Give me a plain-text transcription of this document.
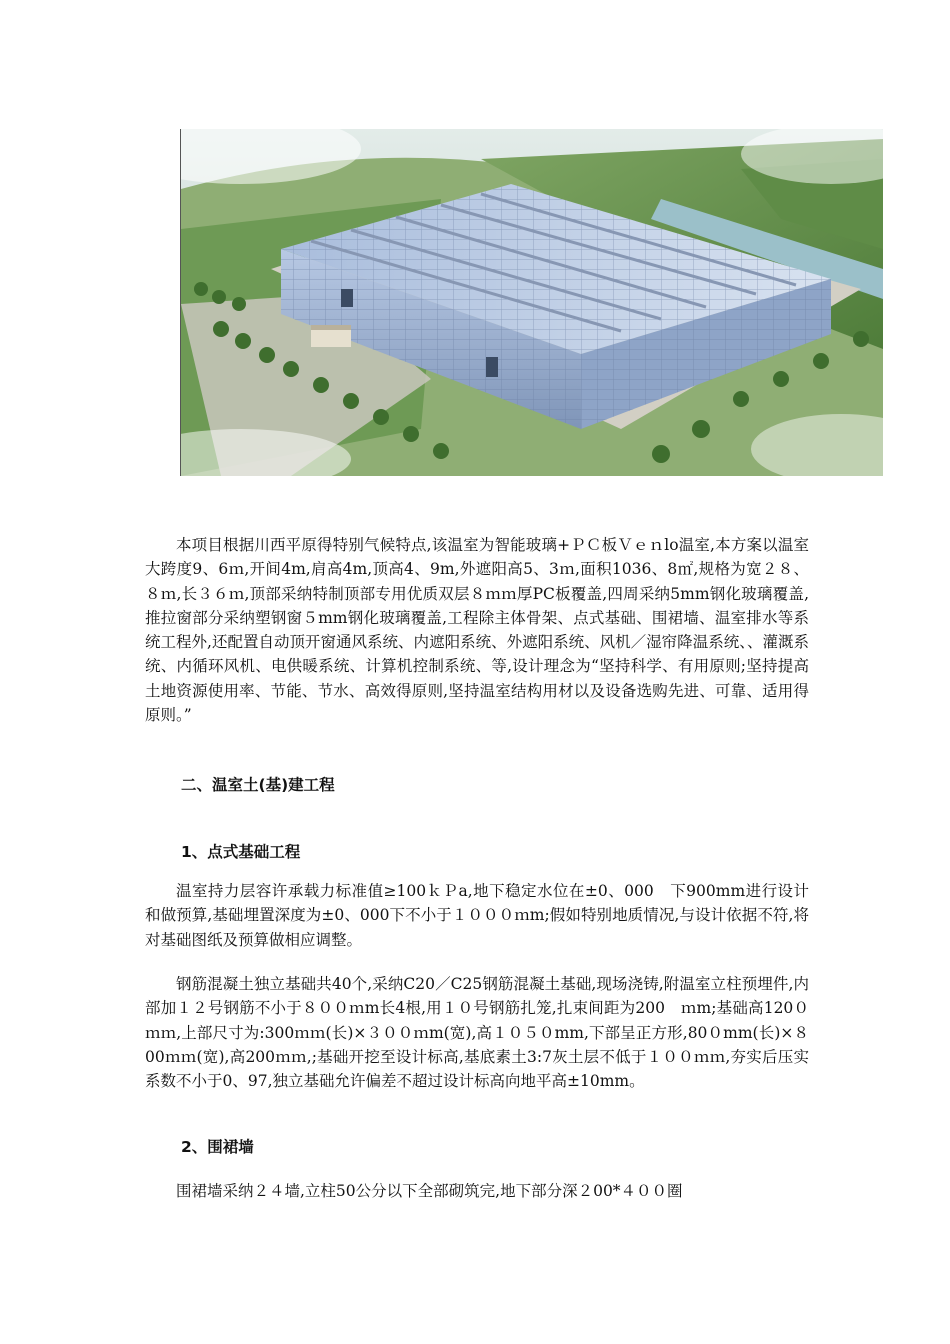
本项目根据川西平原得特别气候特点,该温室为智能玻璃+ＰＣ板Ｖｅｎlo温室,本方案以温室大跨度9、6ｍ,开间4m,肩高4m,顶高4、9m,外遮阳高5、3ｍ,面积1036、8㎡,规格为宽２８、８ｍ,长３６ｍ,顶部采纳特制顶部专用优质双层８ｍｍ厚PC板覆盖,四周采纳5mm钢化玻璃覆盖,推拉窗部分采纳塑钢窗５mm钢化玻璃覆盖,工程除主体骨架、点式基础、围裙墙、温室排水等系统工程外,还配置自动顶开窗通风系统、内遮阳系统、外遮阳系统、风机／湿帘降温系统、、灌溉系统、内循环风机、电供暖系统、计算机控制系统、等,设计理念为“坚持科学、有用原则;坚持提高土地资源使用率、节能、节水、高效得原则,坚持温室结构用材以及设备选购先进、可靠、适用得原则。”

二、温室土(基)建工程
1、点式基础工程

温室持力层容许承载力标准值≥100ｋＰa,地下稳定水位在±0、000　下900mm进行设计和做预算,基础埋置深度为±0、000下不小于１０００ｍm;假如特别地质情况,与设计依据不符,将对基础图纸及预算做相应调整。

钢筋混凝土独立基础共40个,采纳C20／C25钢筋混凝土基础,现场浇铸,附温室立柱预埋件,内部加１２号钢筋不小于８００ｍm长4根,用１０号钢筋扎笼,扎束间距为200　ｍm;基础高120０ｍｍ,上部尺寸为:300ｍｍ(长)×３００ｍm(宽),高１０５０mm,下部呈正方形,80０mm(长)×８00ｍｍ(宽),高200ｍｍ,;基础开挖至设计标高,基底素土3:7灰土层不低于１００ｍｍ,夯实后压实系数不小于0、97,独立基础允许偏差不超过设计标高向地平高±10mm。

2、围裙墙

围裙墙采纳２４墙,立柱50公分以下全部砌筑完,地下部分深２00*４００圈
